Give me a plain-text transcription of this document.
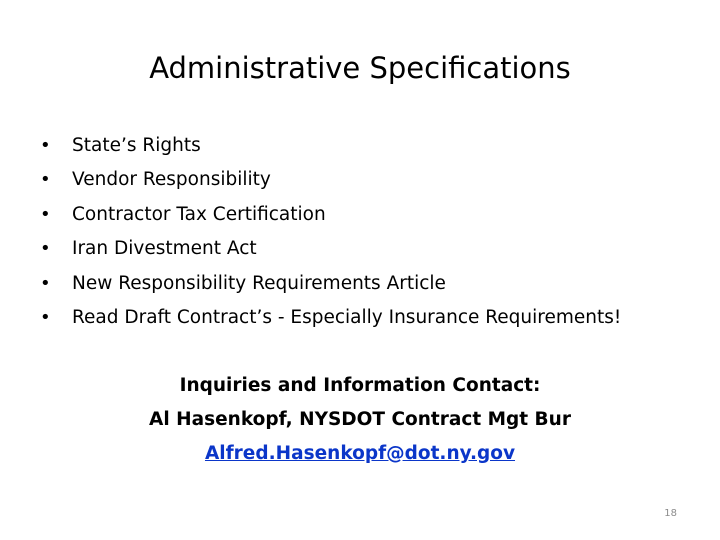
Administrative Specifications
•	State’s Rights
•	Vendor Responsibility
•	Contractor Tax Certification
•	Iran Divestment Act
•	New Responsibility Requirements Article
•	Read Draft Contract’s - Especially Insurance Requirements!
Inquiries and Information Contact:
Al Hasenkopf, NYSDOT Contract Mgt Bur
Alfred.Hasenkopf@dot.ny.gov
18
